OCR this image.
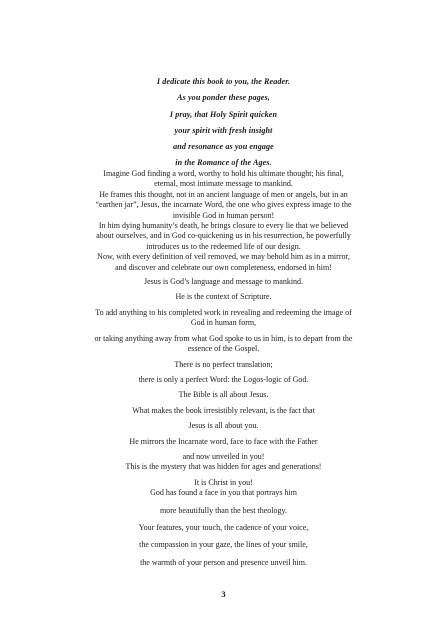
I dedicate this book to you, the Reader.
As you ponder these pages,
I pray, that Holy Spirit quicken
your spirit with fresh insight
and resonance as you engage
in the Romance of the Ages.
Imagine God finding a word, worthy to hold his ultimate thought; his final,
eternal, most intimate message to mankind.
He frames this thought, not in an ancient language of men or angels, but in an
“earthen jar”, Jesus, the incarnate Word, the one who gives express image to the
invisible God in human person!
In him dying humanity’s death, he brings closure to every lie that we believed
about ourselves, and in God co-quickening us in his resurrection, he powerfully
introduces us to the redeemed life of our design.
Now, with every definition of veil removed, we may behold him as in a mirror,
and discover and celebrate our own completeness, endorsed in him!
Jesus is God’s language and message to mankind.
He is the context of Scripture.
To add anything to his completed work in revealing and redeeming the image of
God in human form,
or taking anything away from what God spoke to us in him, is to depart from the
essence of the Gospel.
There is no perfect translation;
there is only a perfect Word: the Logos-logic of God.
The Bible is all about Jesus.
What makes the book irresistibly relevant, is the fact that
Jesus is all about you.
He mirrors the Incarnate word, face to face with the Father
and now unveiled in you!
This is the mystery that was hidden for ages and generations!
It is Christ in you!
God has found a face in you that portrays him
more beautifully than the best theology.
Your features, your touch, the cadence of your voice,
the compassion in your gaze, the lines of your smile,
the warmth of your person and presence unveil him.
3
